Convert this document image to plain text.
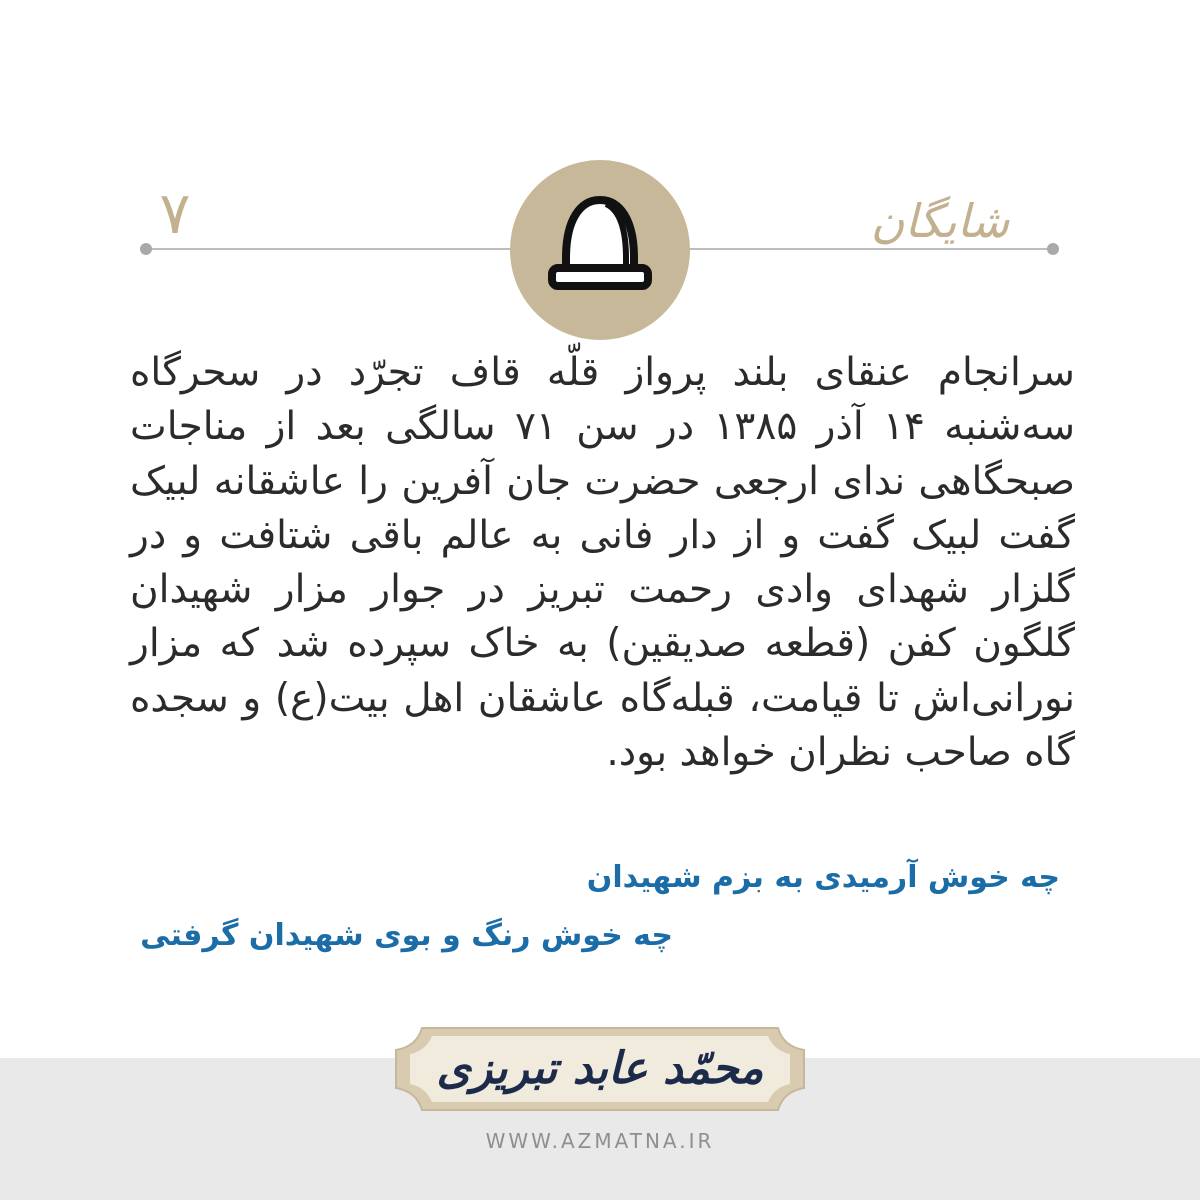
۷	شایگان
سرانجام عنقای بلند پرواز قلّه قاف تجرّد در سحرگاه سه‌شنبه ۱۴ آذر ۱۳۸۵ در سن ۷۱ سالگی بعد از مناجات صبحگاهی ندای ارجعی حضرت جان آفرین را عاشقانه لبیک گفت لبیک گفت و از دار فانی به عالم باقی شتافت و در گلزار شهدای وادی رحمت تبریز در جوار مزار شهیدان گلگون کفن (قطعه صدیقین) به خاک سپرده شد که مزار نورانی‌اش تا قیامت، قبله‌گاه عاشقان اهل بیت(ع) و سجده گاه صاحب نظران خواهد بود.
چه خوش آرمیدی به بزم شهیدان
چه خوش رنگ و بوی شهیدان گرفتی
محمّد عابد تبریزی
WWW.AZMATNA.IR
